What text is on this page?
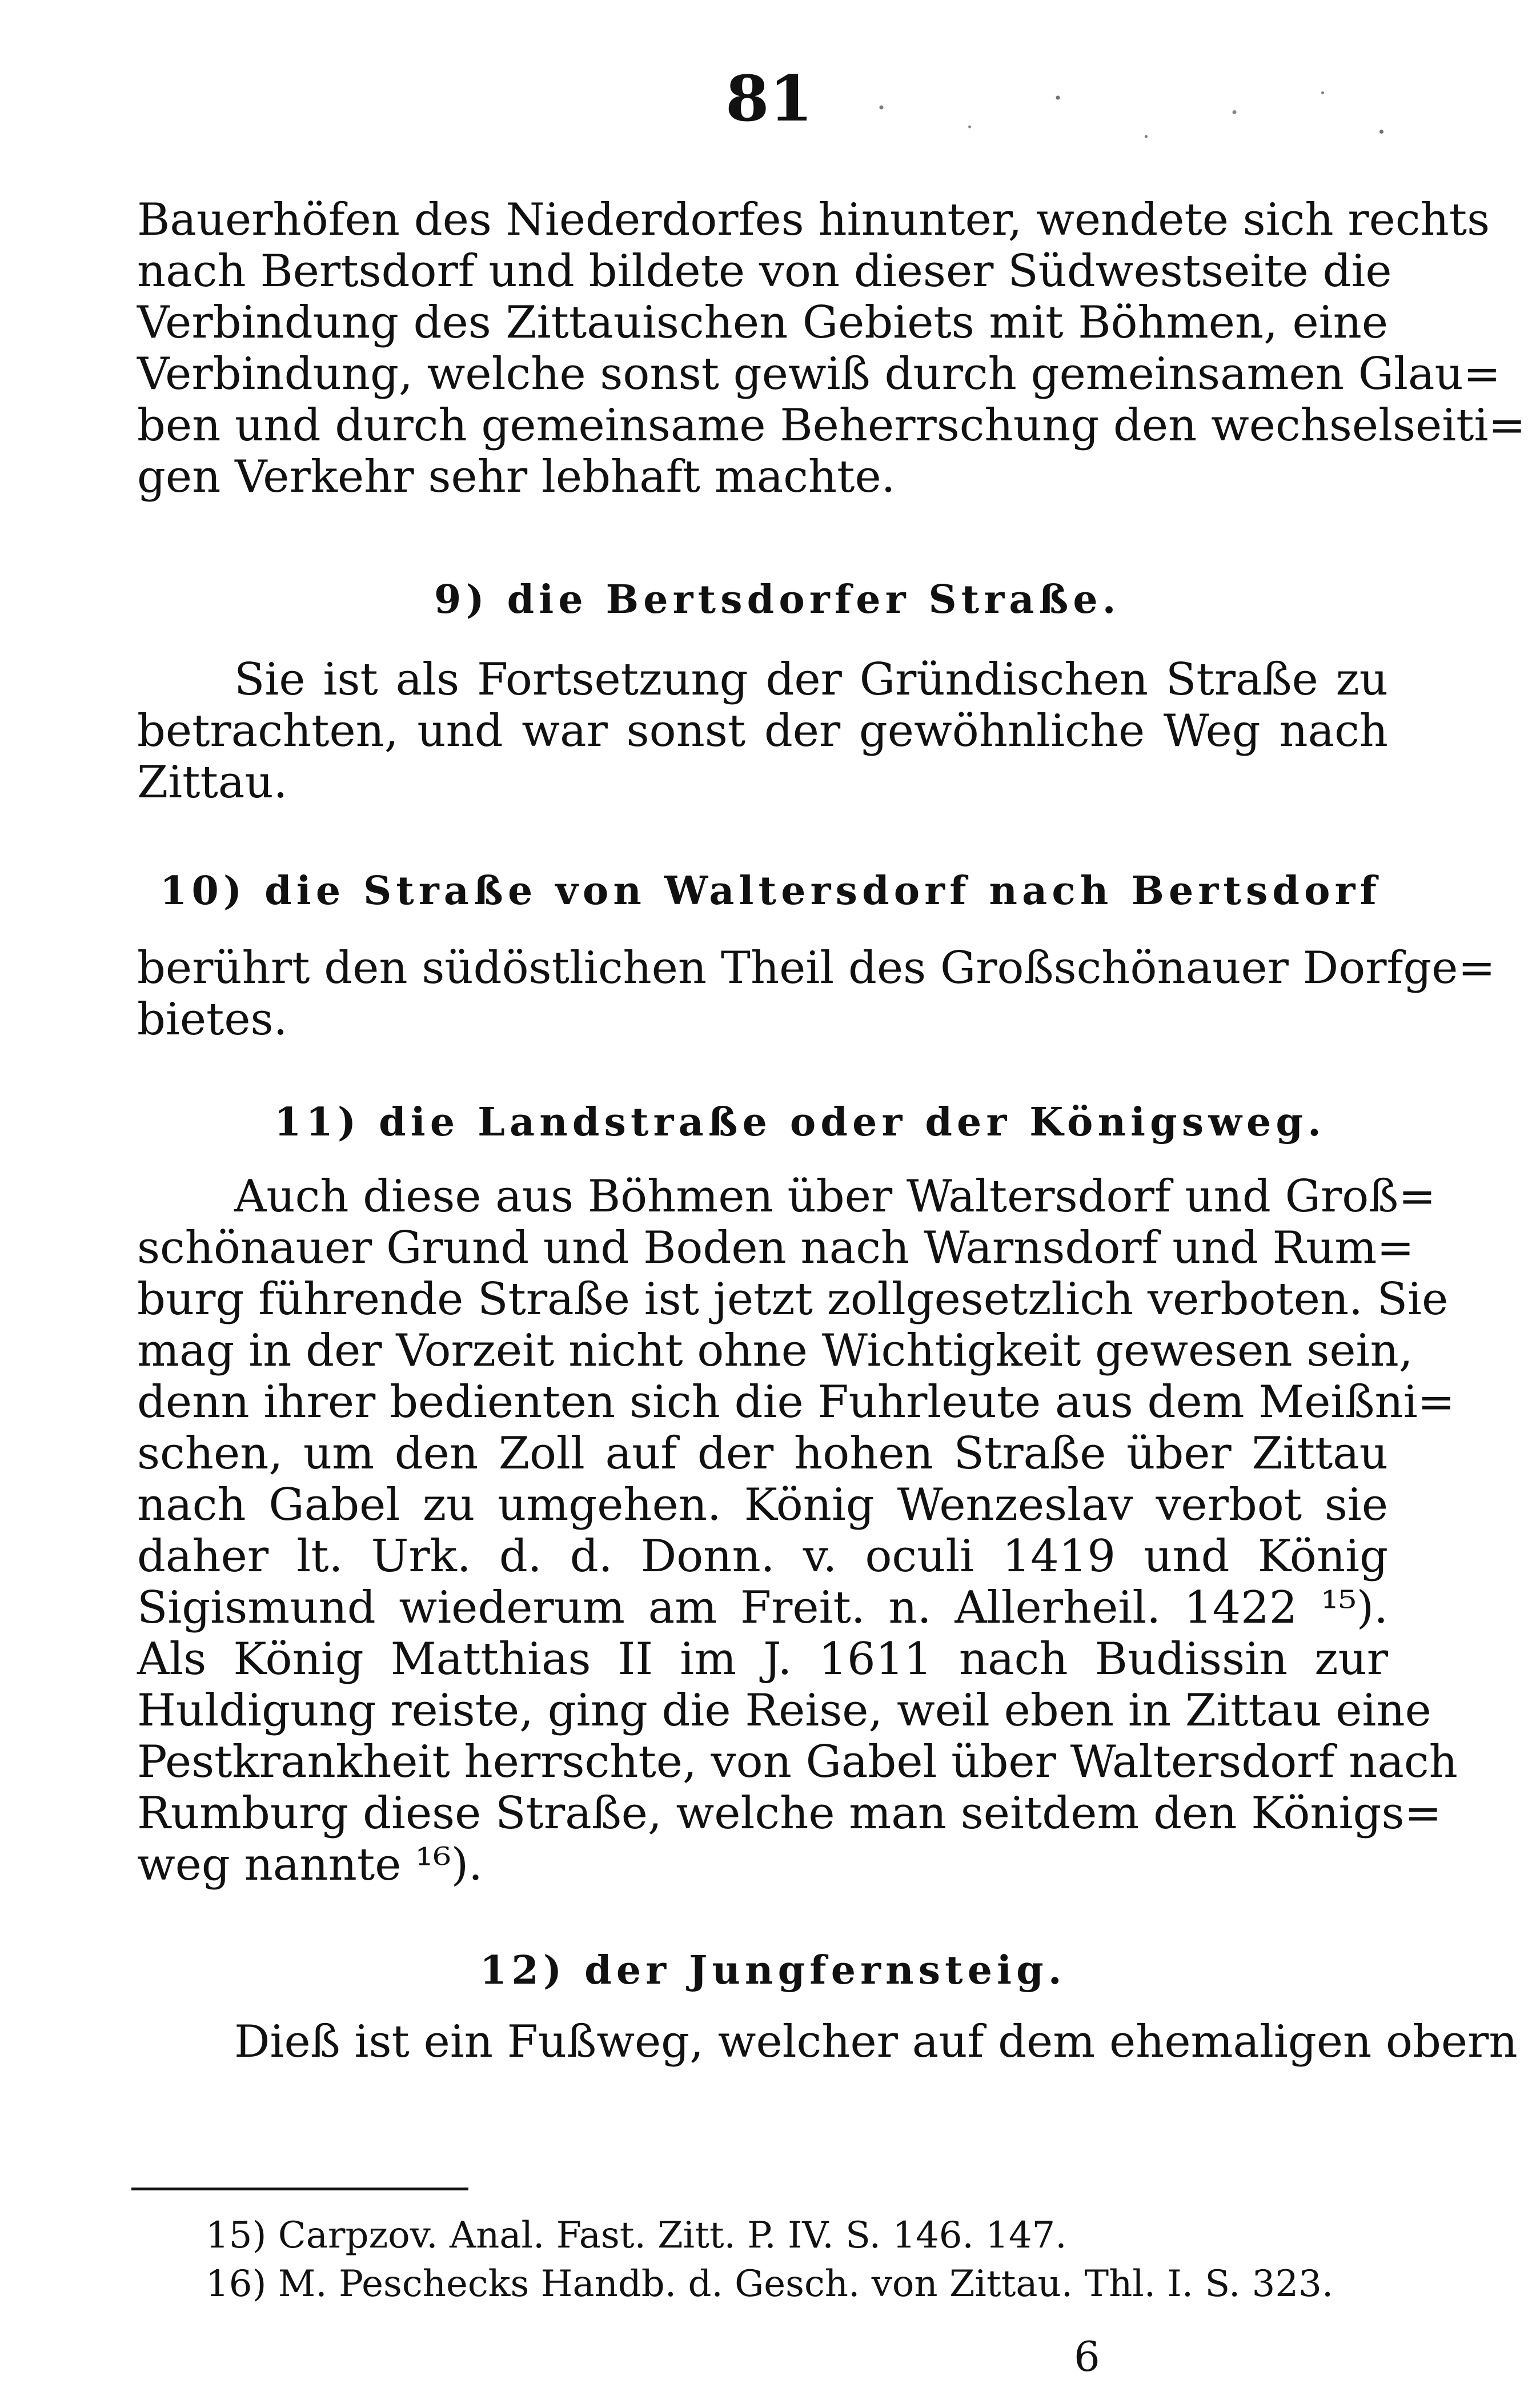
81
Bauerhöfen des Niederdorfes hinunter, wendete sich rechts
nach Bertsdorf und bildete von dieser Südwestseite die
Verbindung des Zittauischen Gebiets mit Böhmen, eine
Verbindung, welche sonst gewiß durch gemeinsamen Glau=
ben und durch gemeinsame Beherrschung den wechselseiti=
gen Verkehr sehr lebhaft machte.
9) die Bertsdorfer Straße.
Sie ist als Fortsetzung der Gründischen Straße zu
betrachten, und war sonst der gewöhnliche Weg nach
Zittau.
10) die Straße von Waltersdorf nach Bertsdorf
berührt den südöstlichen Theil des Großschönauer Dorfge=
bietes.
11) die Landstraße oder der Königsweg.
Auch diese aus Böhmen über Waltersdorf und Groß=
schönauer Grund und Boden nach Warnsdorf und Rum=
burg führende Straße ist jetzt zollgesetzlich verboten. Sie
mag in der Vorzeit nicht ohne Wichtigkeit gewesen sein,
denn ihrer bedienten sich die Fuhrleute aus dem Meißni=
schen, um den Zoll auf der hohen Straße über Zittau
nach Gabel zu umgehen. König Wenzeslav verbot sie
daher lt. Urk. d. d. Donn. v. oculi 1419 und König
Sigismund wiederum am Freit. n. Allerheil. 1422 ¹⁵).
Als König Matthias II im J. 1611 nach Budissin zur
Huldigung reiste, ging die Reise, weil eben in Zittau eine
Pestkrankheit herrschte, von Gabel über Waltersdorf nach
Rumburg diese Straße, welche man seitdem den Königs=
weg nannte ¹⁶).
12) der Jungfernsteig.
Dieß ist ein Fußweg, welcher auf dem ehemaligen obern
15) Carpzov. Anal. Fast. Zitt. P. IV. S. 146. 147.
16) M. Peschecks Handb. d. Gesch. von Zittau. Thl. I. S. 323.
6
